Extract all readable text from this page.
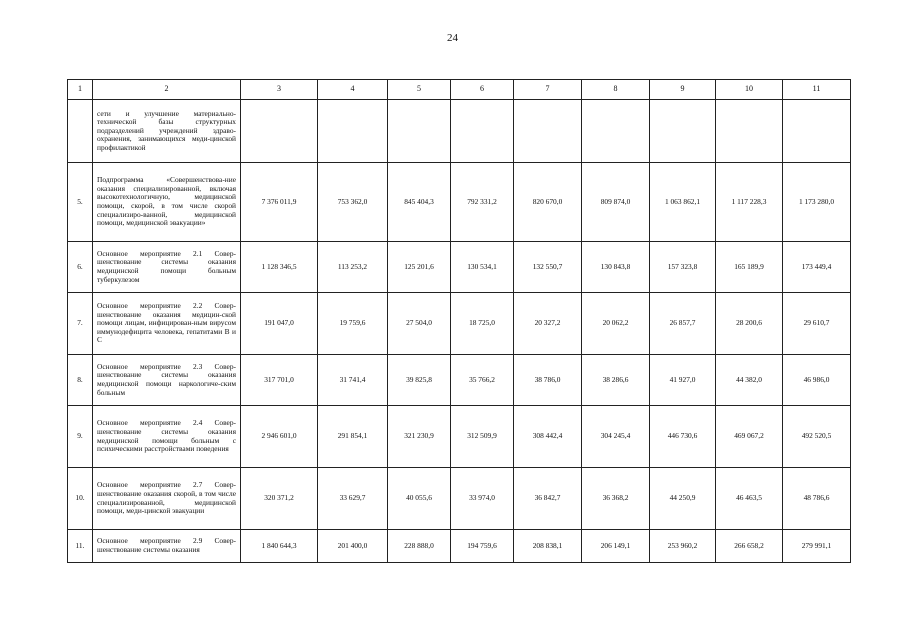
24
1	2	3	4	5	6	7	8	9	10	11
	сети и улучшение материально-технической базы структурных подразделений учреждений здраво-охранения, занимающихся меди-цинской профилактикой									
5.	Подпрограмма «Совершенствова-ние оказания специализированной, включая высокотехнологичную, медицинской помощи, скорой, в том числе скорой специализиро-ванной, медицинской помощи, медицинской эвакуации»	7 376 011,9	753 362,0	845 404,3	792 331,2	820 670,0	809 874,0	1 063 862,1	1 117 228,3	1 173 280,0
6.	Основное мероприятие 2.1 Совер-шенствование системы оказания медицинской помощи больным туберкулезом	1 128 346,5	113 253,2	125 201,6	130 534,1	132 550,7	130 843,8	157 323,8	165 189,9	173 449,4
7.	Основное мероприятие 2.2 Совер-шенствование оказания медицин-ской помощи лицам, инфицирован-ным вирусом иммунодефицита человека, гепатитами В и С	191 047,0	19 759,6	27 504,0	18 725,0	20 327,2	20 062,2	26 857,7	28 200,6	29 610,7
8.	Основное мероприятие 2.3 Совер-шенствование системы оказания медицинской помощи наркологиче-ским больным	317 701,0	31 741,4	39 825,8	35 766,2	38 786,0	38 286,6	41 927,0	44 382,0	46 986,0
9.	Основное мероприятие 2.4 Совер-шенствование системы оказания медицинской помощи больным с психическими расстройствами поведения	2 946 601,0	291 854,1	321 230,9	312 509,9	308 442,4	304 245,4	446 730,6	469 067,2	492 520,5
10.	Основное мероприятие 2.7 Совер-шенствование оказания скорой, в том числе специализированной, медицинской помощи, меди-цинской эвакуации	320 371,2	33 629,7	40 055,6	33 974,0	36 842,7	36 368,2	44 250,9	46 463,5	48 786,6
11.	Основное мероприятие 2.9 Совер-шенствование системы оказания	1 840 644,3	201 400,0	228 888,0	194 759,6	208 838,1	206 149,1	253 960,2	266 658,2	279 991,1
